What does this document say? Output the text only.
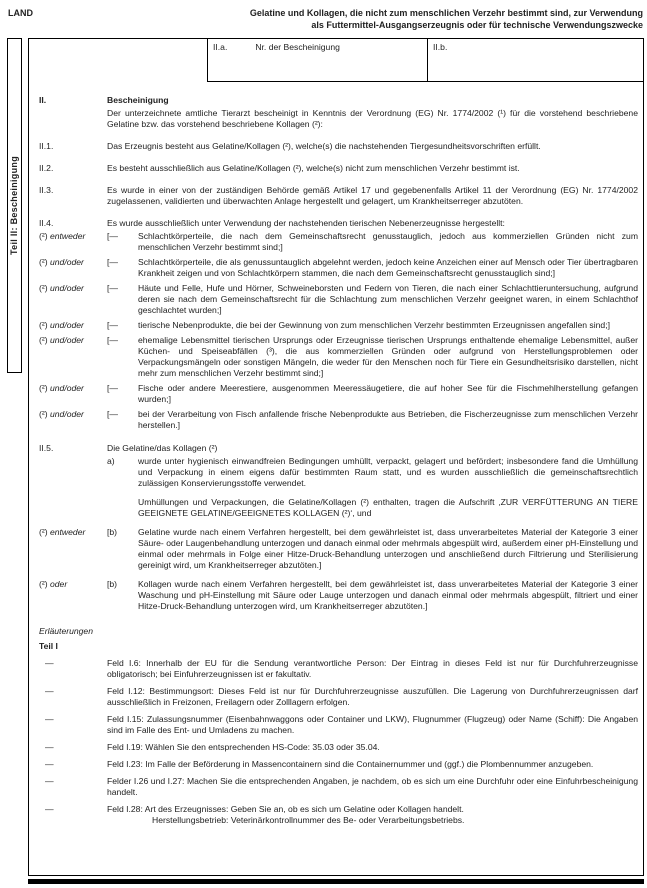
LAND	Gelatine und Kollagen, die nicht zum menschlichen Verzehr bestimmt sind, zur Verwendung
als Futtermittel-Ausgangserzeugnis oder für technische Verwendungszwecke
Teil II: Bescheinigung
II.a.	Nr. der Bescheinigung	II.b.
II.	Bescheinigung
Der unterzeichnete amtliche Tierarzt bescheinigt in Kenntnis der Verordnung (EG) Nr. 1774/2002 (¹) für die vorstehend beschriebene Gelatine bzw. das vorstehend beschriebene Kollagen (²):
II.1.	Das Erzeugnis besteht aus Gelatine/Kollagen (²), welche(s) die nachstehenden Tiergesundheitsvorschriften erfüllt.
II.2.	Es besteht ausschließlich aus Gelatine/Kollagen (²), welche(s) nicht zum menschlichen Verzehr bestimmt ist.
II.3.	Es wurde in einer von der zuständigen Behörde gemäß Artikel 17 und gegebenenfalls Artikel 11 der Verordnung (EG) Nr. 1774/2002 zugelassenen, validierten und überwachten Anlage hergestellt und gelagert, um Krankheitserreger abzutöten.
II.4.	Es wurde ausschließlich unter Verwendung der nachstehenden tierischen Nebenerzeugnisse hergestellt:
(²) entweder	[—	Schlachtkörperteile, die nach dem Gemeinschaftsrecht genusstauglich, jedoch aus kommerziellen Gründen nicht zum menschlichen Verzehr bestimmt sind;]
(²) und/oder	[—	Schlachtkörperteile, die als genussuntauglich abgelehnt werden, jedoch keine Anzeichen einer auf Mensch oder Tier übertragbaren Krankheit zeigen und von Schlachtkörpern stammen, die nach dem Gemeinschaftsrecht genusstauglich sind;]
(²) und/oder	[—	Häute und Felle, Hufe und Hörner, Schweineborsten und Federn von Tieren, die nach einer Schlachttieruntersuchung, aufgrund deren sie nach dem Gemeinschaftsrecht für die Schlachtung zum menschlichen Verzehr geeignet waren, in einem Schlachthof geschlachtet wurden;]
(²) und/oder	[—	tierische Nebenprodukte, die bei der Gewinnung von zum menschlichen Verzehr bestimmten Erzeugnissen angefallen sind;]
(²) und/oder	[—	ehemalige Lebensmittel tierischen Ursprungs oder Erzeugnisse tierischen Ursprungs enthaltende ehemalige Lebensmittel, außer Küchen- und Speiseabfällen (³), die aus kommerziellen Gründen oder aufgrund von Herstellungsproblemen oder Verpackungsmängeln oder sonstigen Mängeln, die weder für den Menschen noch für Tiere ein Gesundheitsrisiko darstellen, nicht mehr zum menschlichen Verzehr bestimmt sind;]
(²) und/oder	[—	Fische oder andere Meerestiere, ausgenommen Meeressäugetiere, die auf hoher See für die Fischmehlherstellung gefangen wurden;]
(²) und/oder	[—	bei der Verarbeitung von Fisch anfallende frische Nebenprodukte aus Betrieben, die Fischerzeugnisse zum menschlichen Verzehr herstellen.]
II.5.	Die Gelatine/das Kollagen (²)
a)	wurde unter hygienisch einwandfreien Bedingungen umhüllt, verpackt, gelagert und befördert; insbesondere fand die Umhüllung und Verpackung in einem eigens dafür bestimmten Raum statt, und es wurden ausschließlich die gemeinschaftsrechtlich zulässigen Konservierungsstoffe verwendet.
Umhüllungen und Verpackungen, die Gelatine/Kollagen (²) enthalten, tragen die Aufschrift ‚ZUR VERFÜTTERUNG AN TIERE GEEIGNETE GELATINE/GEEIGNETES KOLLAGEN (²)‘, und
(²) entweder	[b)	Gelatine wurde nach einem Verfahren hergestellt, bei dem gewährleistet ist, dass unverarbeitetes Material der Kategorie 3 einer Säure- oder Laugenbehandlung unterzogen und danach einmal oder mehrmals abgespült wird, außerdem einer pH-Einstellung und einmal oder mehrmals in Folge einer Hitze-Druck-Behandlung unterzogen und anschließend durch Filtrierung und Sterilisierung gereinigt wird, um Krankheitserreger abzutöten.]
(²) oder	[b)	Kollagen wurde nach einem Verfahren hergestellt, bei dem gewährleistet ist, dass unverarbeitetes Material der Kategorie 3 einer Waschung und pH-Einstellung mit Säure oder Lauge unterzogen und danach einmal oder mehrmals abgespült, filtriert und einer Hitze-Druck-Behandlung unterzogen wird, um Krankheitserreger abzutöten.]
Erläuterungen
Teil I
—	Feld I.6: Innerhalb der EU für die Sendung verantwortliche Person: Der Eintrag in dieses Feld ist nur für Durchfuhrerzeugnisse obligatorisch; bei Einfuhrerzeugnissen ist er fakultativ.
—	Feld I.12: Bestimmungsort: Dieses Feld ist nur für Durchfuhrerzeugnisse auszufüllen. Die Lagerung von Durchfuhrerzeugnissen darf ausschließlich in Freizonen, Freilagern oder Zolllagern erfolgen.
—	Feld I.15: Zulassungsnummer (Eisenbahnwaggons oder Container und LKW), Flugnummer (Flugzeug) oder Name (Schiff): Die Angaben sind im Falle des Ent- und Umladens zu machen.
—	Feld I.19: Wählen Sie den entsprechenden HS-Code: 35.03 oder 35.04.
—	Feld I.23: Im Falle der Beförderung in Massencontainern sind die Containernummer und (ggf.) die Plombennummer anzugeben.
—	Felder I.26 und I.27: Machen Sie die entsprechenden Angaben, je nachdem, ob es sich um eine Durchfuhr oder eine Einfuhrbescheinigung handelt.
—	Feld I.28: Art des Erzeugnisses: Geben Sie an, ob es sich um Gelatine oder Kollagen handelt.
Herstellungsbetrieb: Veterinärkontrollnummer des Be- oder Verarbeitungsbetriebs.
